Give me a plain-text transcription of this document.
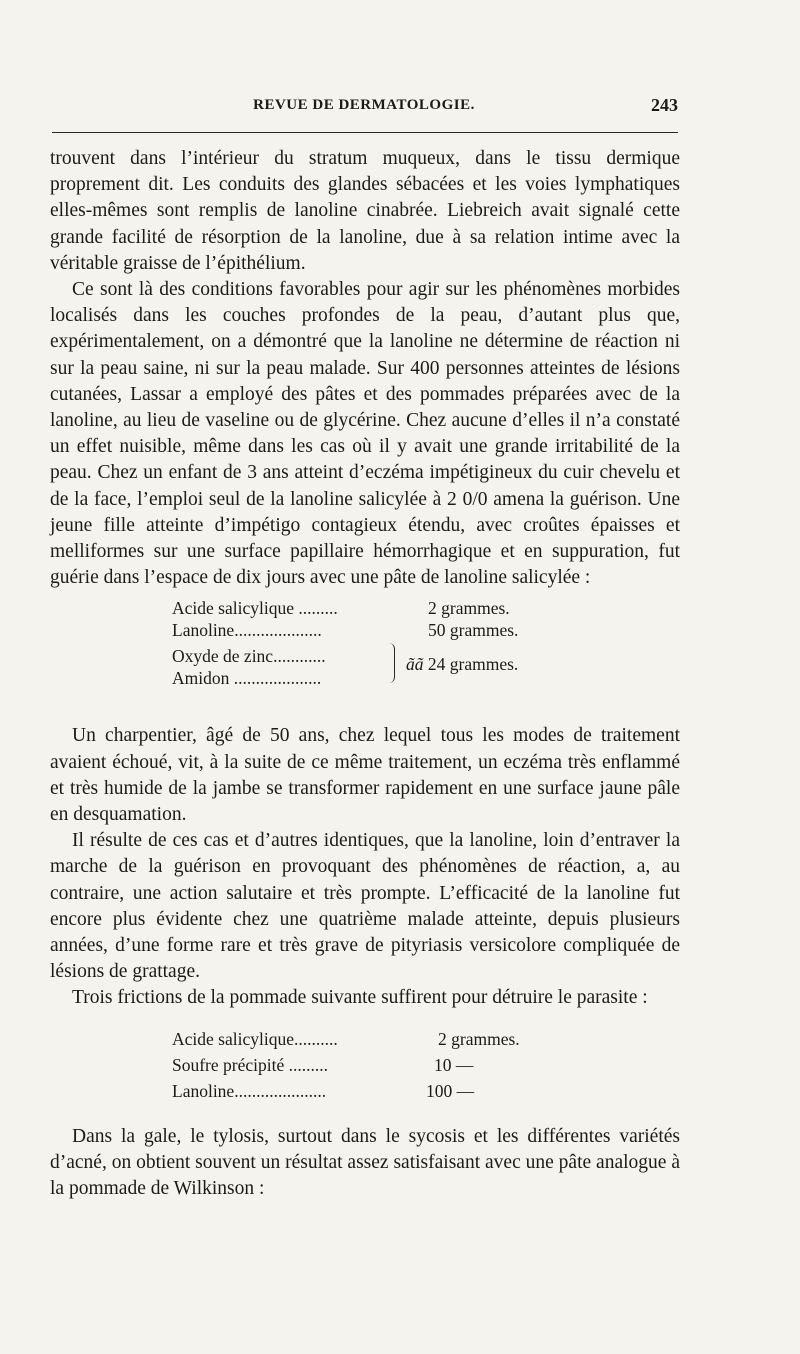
REVUE DE DERMATOLOGIE.	243

trouvent dans l’intérieur du stratum muqueux, dans le tissu dermique proprement dit. Les conduits des glandes sébacées et les voies lymphatiques elles-mêmes sont remplis de lanoline cinabrée. Liebreich avait signalé cette grande facilité de résorption de la lanoline, due à sa relation intime avec la véritable graisse de l’épithélium.

Ce sont là des conditions favorables pour agir sur les phénomènes morbides localisés dans les couches profondes de la peau, d’autant plus que, expérimentalement, on a démontré que la lanoline ne détermine de réaction ni sur la peau saine, ni sur la peau malade. Sur 400 personnes atteintes de lésions cutanées, Lassar a employé des pâtes et des pommades préparées avec de la lanoline, au lieu de vaseline ou de glycérine. Chez aucune d’elles il n’a constaté un effet nuisible, même dans les cas où il y avait une grande irritabilité de la peau. Chez un enfant de 3 ans atteint d’eczéma impétigineux du cuir chevelu et de la face, l’emploi seul de la lanoline salicylée à 2 0/0 amena la guérison. Une jeune fille atteinte d’impétigo contagieux étendu, avec croûtes épaisses et melliformes sur une surface papillaire hémorrhagique et en suppuration, fut guérie dans l’espace de dix jours avec une pâte de lanoline salicylée :

Acide salicylique .........	2 grammes.
Lanoline....................	50 grammes.
Oxyde de zinc............
Amidon ....................
ãã 24 grammes.

Un charpentier, âgé de 50 ans, chez lequel tous les modes de traitement avaient échoué, vit, à la suite de ce même traitement, un eczéma très enflammé et très humide de la jambe se transformer rapidement en une surface jaune pâle en desquamation.

Il résulte de ces cas et d’autres identiques, que la lanoline, loin d’entraver la marche de la guérison en provoquant des phénomènes de réaction, a, au contraire, une action salutaire et très prompte. L’efficacité de la lanoline fut encore plus évidente chez une quatrième malade atteinte, depuis plusieurs années, d’une forme rare et très grave de pityriasis versicolore compliquée de lésions de grattage.

Trois frictions de la pommade suivante suffirent pour détruire le parasite :

Acide salicylique..........	2 grammes.
Soufre précipité .........	10 —
Lanoline.....................	100 —

Dans la gale, le tylosis, surtout dans le sycosis et les différentes variétés d’acné, on obtient souvent un résultat assez satisfaisant avec une pâte analogue à la pommade de Wilkinson :
